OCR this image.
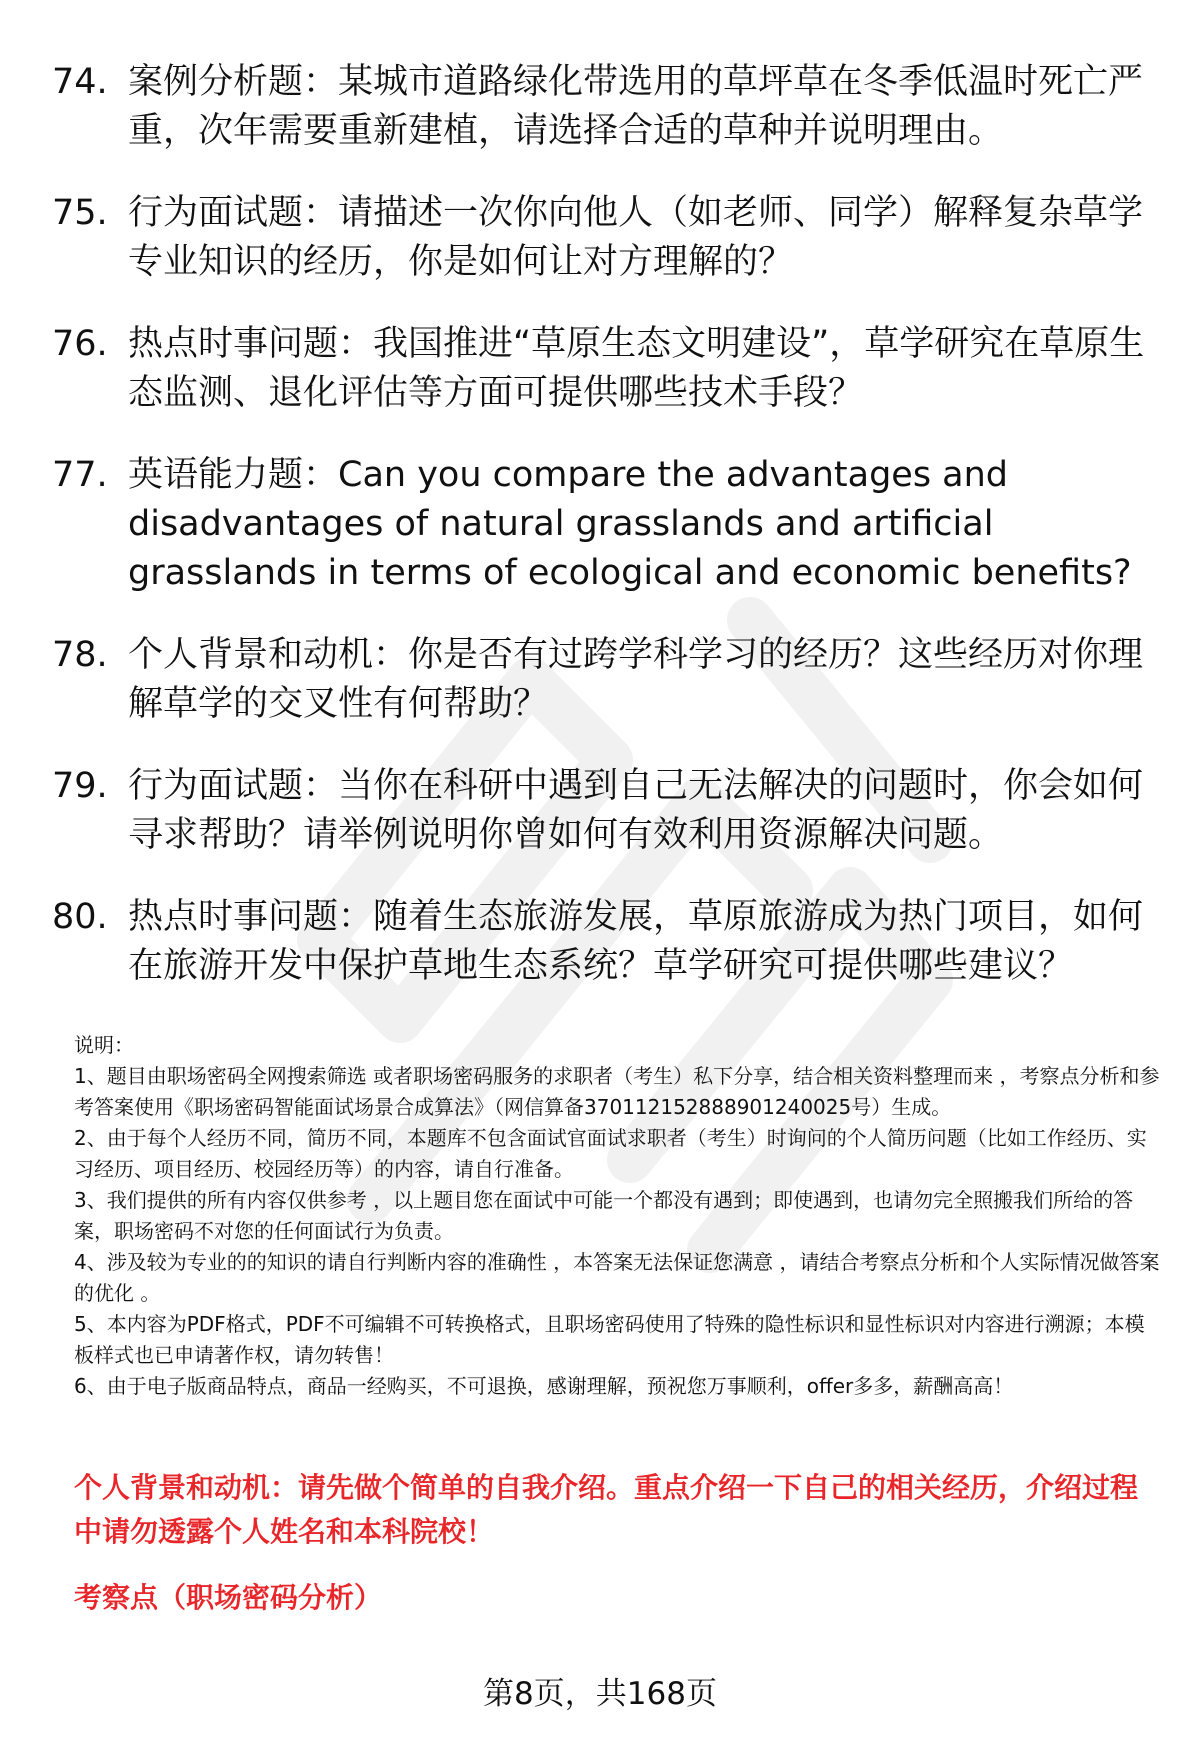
74. 案例分析题：某城市道路绿化带选用的草坪草在冬季低温时死亡严重，次年需要重新建植，请选择合适的草种并说明理由。
75. 行为面试题：请描述一次你向他人（如老师、同学）解释复杂草学专业知识的经历，你是如何让对方理解的？
76. 热点时事问题：我国推进“草原生态文明建设”，草学研究在草原生态监测、退化评估等方面可提供哪些技术手段？
77. 英语能力题：Can you compare the advantages and disadvantages of natural grasslands and artificial grasslands in terms of ecological and economic benefits?
78. 个人背景和动机：你是否有过跨学科学习的经历？这些经历对你理解草学的交叉性有何帮助？
79. 行为面试题：当你在科研中遇到自己无法解决的问题时，你会如何寻求帮助？请举例说明你曾如何有效利用资源解决问题。
80. 热点时事问题：随着生态旅游发展，草原旅游成为热门项目，如何在旅游开发中保护草地生态系统？草学研究可提供哪些建议？

说明：

1、题目由职场密码全网搜索筛选 或者职场密码服务的求职者（考生）私下分享，结合相关资料整理而来 ，考察点分析和参考答案使用《职场密码智能面试场景合成算法》（网信算备370112152888901240025号）生成。

2、由于每个人经历不同，简历不同，本题库不包含面试官面试求职者（考生）时询问的个人简历问题（比如工作经历、实习经历、项目经历、校园经历等）的内容，请自行准备。

3、我们提供的所有内容仅供参考 ，以上题目您在面试中可能一个都没有遇到；即使遇到，也请勿完全照搬我们所给的答案，职场密码不对您的任何面试行为负责。

4、涉及较为专业的的知识的请自行判断内容的准确性 ，本答案无法保证您满意 ，请结合考察点分析和个人实际情况做答案的优化 。

5、本内容为PDF格式，PDF不可编辑不可转换格式，且职场密码使用了特殊的隐性标识和显性标识对内容进行溯源；本模板样式也已申请著作权，请勿转售！

6、由于电子版商品特点，商品一经购买，不可退换，感谢理解，预祝您万事顺利，offer多多，薪酬高高！

个人背景和动机：请先做个简单的自我介绍。重点介绍一下自己的相关经历，介绍过程中请勿透露个人姓名和本科院校！

考察点（职场密码分析）

第8页，共168页
